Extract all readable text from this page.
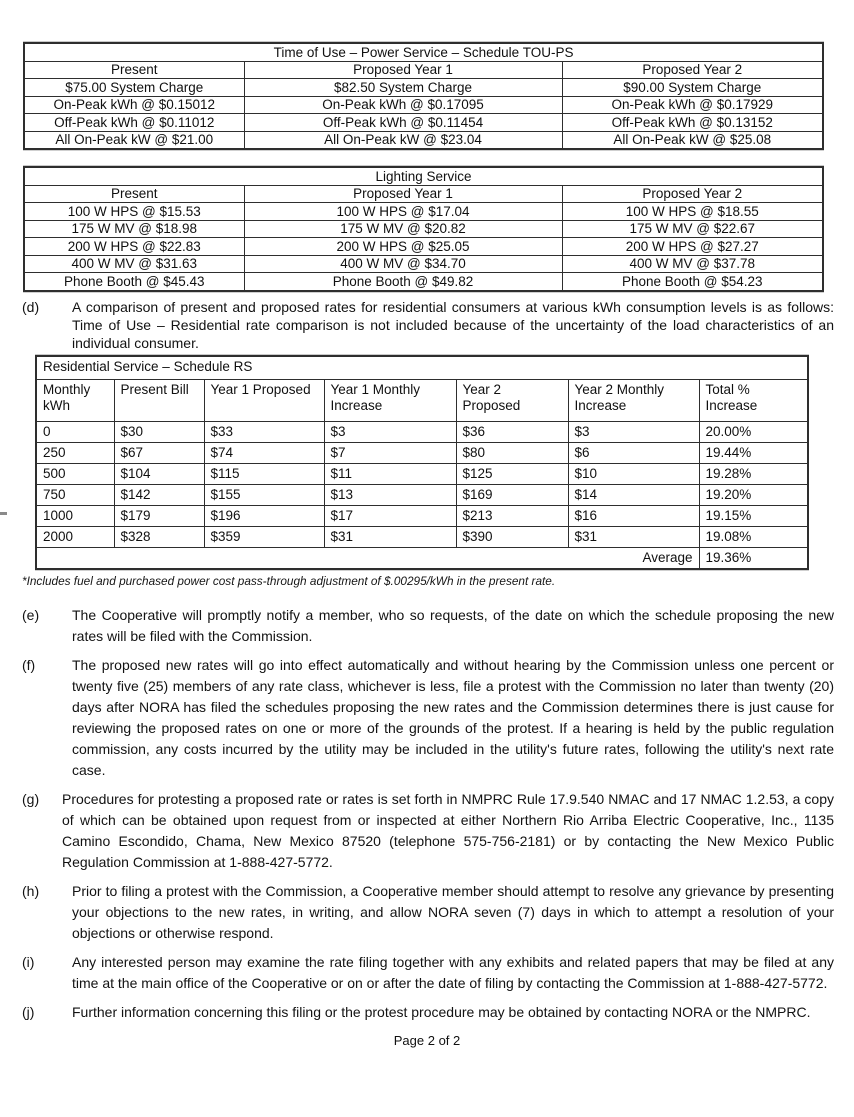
Time of Use – Power Service – Schedule TOU-PS		
Present	Proposed Year 1	Proposed Year 2
$75.00 System Charge	$82.50 System Charge	$90.00 System Charge
On-Peak kWh @ $0.15012	On-Peak kWh @ $0.17095	On-Peak kWh @ $0.17929
Off-Peak kWh @ $0.11012	Off-Peak kWh @ $0.11454	Off-Peak kWh @ $0.13152
All On-Peak kW @ $21.00	All On-Peak kW @ $23.04	All On-Peak kW @ $25.08
Lighting Service		
Present	Proposed Year 1	Proposed Year 2
100 W HPS @ $15.53	100 W HPS @ $17.04	100 W HPS @ $18.55
175 W MV @ $18.98	175 W MV @ $20.82	175 W MV @ $22.67
200 W HPS @ $22.83	200 W HPS @ $25.05	200 W HPS @ $27.27
400 W MV @ $31.63	400 W MV @ $34.70	400 W MV @ $37.78
Phone Booth @ $45.43	Phone Booth @ $49.82	Phone Booth @ $54.23
(d)	A comparison of present and proposed rates for residential consumers at various kWh consumption levels is as follows: Time of Use – Residential rate comparison is not included because of the uncertainty of the load characteristics of an individual consumer.
Residential Service – Schedule RS						
Monthly kWh	Present Bill	Year 1 Proposed	Year 1 Monthly Increase	Year 2 Proposed	Year 2 Monthly Increase	Total % Increase
0	$30	$33	$3	$36	$3	20.00%
250	$67	$74	$7	$80	$6	19.44%
500	$104	$115	$11	$125	$10	19.28%
750	$142	$155	$13	$169	$14	19.20%
1000	$179	$196	$17	$213	$16	19.15%
2000	$328	$359	$31	$390	$31	19.08%
Average						19.36%
*Includes fuel and purchased power cost pass-through adjustment of $.00295/kWh in the present rate.
(e)	The Cooperative will promptly notify a member, who so requests, of the date on which the schedule proposing the new rates will be filed with the Commission.
(f)	The proposed new rates will go into effect automatically and without hearing by the Commission unless one percent or twenty five (25) members of any rate class, whichever is less, file a protest with the Commission no later than twenty (20) days after NORA has filed the schedules proposing the new rates and the Commission determines there is just cause for reviewing the proposed rates on one or more of the grounds of the protest. If a hearing is held by the public regulation commission, any costs incurred by the utility may be included in the utility's future rates, following the utility's next rate case.
(g)	Procedures for protesting a proposed rate or rates is set forth in NMPRC Rule 17.9.540 NMAC and 17 NMAC 1.2.53, a copy of which can be obtained upon request from or inspected at either Northern Rio Arriba Electric Cooperative, Inc., 1135 Camino Escondido, Chama, New Mexico 87520 (telephone 575-756-2181) or by contacting the New Mexico Public Regulation Commission at 1-888-427-5772.
(h)	Prior to filing a protest with the Commission, a Cooperative member should attempt to resolve any grievance by presenting your objections to the new rates, in writing, and allow NORA seven (7) days in which to attempt a resolution of your objections or otherwise respond.
(i)	Any interested person may examine the rate filing together with any exhibits and related papers that may be filed at any time at the main office of the Cooperative or on or after the date of filing by contacting the Commission at 1-888-427-5772.
(j)	Further information concerning this filing or the protest procedure may be obtained by contacting NORA or the NMPRC.
Page 2 of 2
